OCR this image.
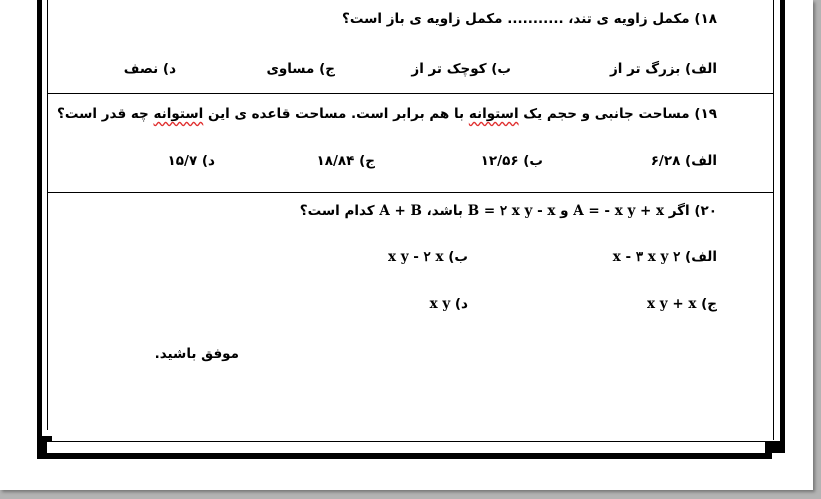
۱۸) مکمل زاویه ی تند، ........... مکمل زاویه ی باز است؟
الف) بزرگ تر از
ب) کوچک تر از
ج) مساوی
د) نصف
۱۹) مساحت جانبی و حجم یک استوانه با هم برابر است. مساحت قاعده ی این استوانه چه قدر است؟
الف) ۶/۲۸
ب) ۱۲/۵۶
ج) ۱۸/۸۴
د) ۱۵/۷
۲۰) اگر A = - x y + x و B = ۲ x y - x باشد، A + B کدام است؟
الف) ۲ x - ۳ x y
ب) x y - ۲ x
ج) x y + x
د) x y
موفق باشید.
